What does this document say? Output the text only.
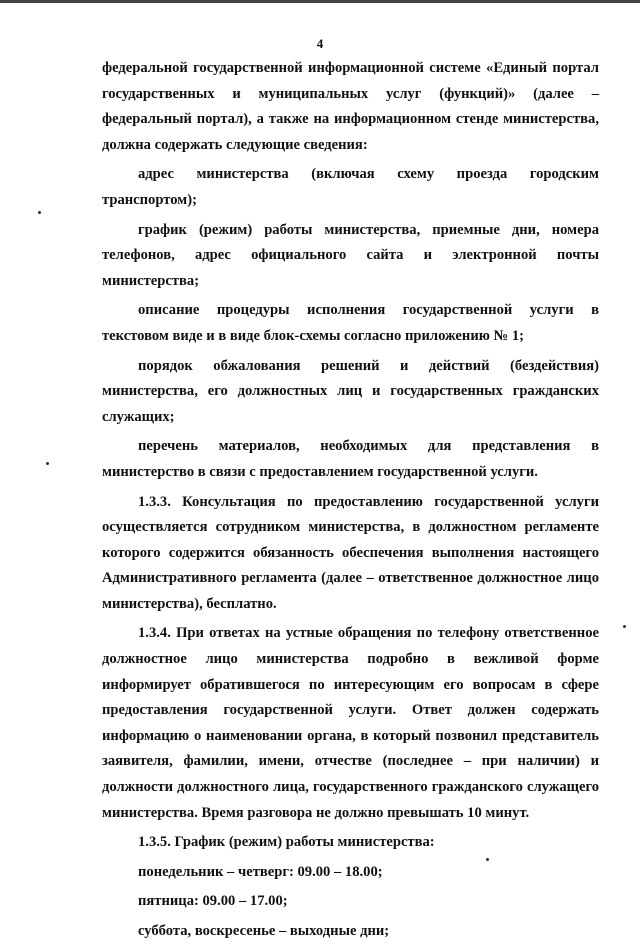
4

федеральной государственной информационной системе «Единый портал государственных и муниципальных услуг (функций)» (далее – федеральный портал), а также на информационном стенде министерства, должна содержать следующие сведения:

адрес министерства (включая схему проезда городским транспортом);

график (режим) работы министерства, приемные дни, номера телефонов, адрес официального сайта и электронной почты министерства;

описание процедуры исполнения государственной услуги в текстовом виде и в виде блок-схемы согласно приложению № 1;

порядок обжалования решений и действий (бездействия) министерства, его должностных лиц и государственных гражданских служащих;

перечень материалов, необходимых для представления в министерство в связи с предоставлением государственной услуги.

1.3.3. Консультация по предоставлению государственной услуги осуществляется сотрудником министерства, в должностном регламенте которого содержится обязанность обеспечения выполнения настоящего Административного регламента (далее – ответственное должностное лицо министерства), бесплатно.

1.3.4. При ответах на устные обращения по телефону ответственное должностное лицо министерства подробно в вежливой форме информирует обратившегося по интересующим его вопросам в сфере предоставления государственной услуги. Ответ должен содержать информацию о наименовании органа, в который позвонил представитель заявителя, фамилии, имени, отчестве (последнее – при наличии) и должности должностного лица, государственного гражданского служащего министерства. Время разговора не должно превышать 10 минут.

1.3.5. График (режим) работы министерства:

понедельник – четверг: 09.00 – 18.00;

пятница: 09.00 – 17.00;

суббота, воскресенье – выходные дни;
